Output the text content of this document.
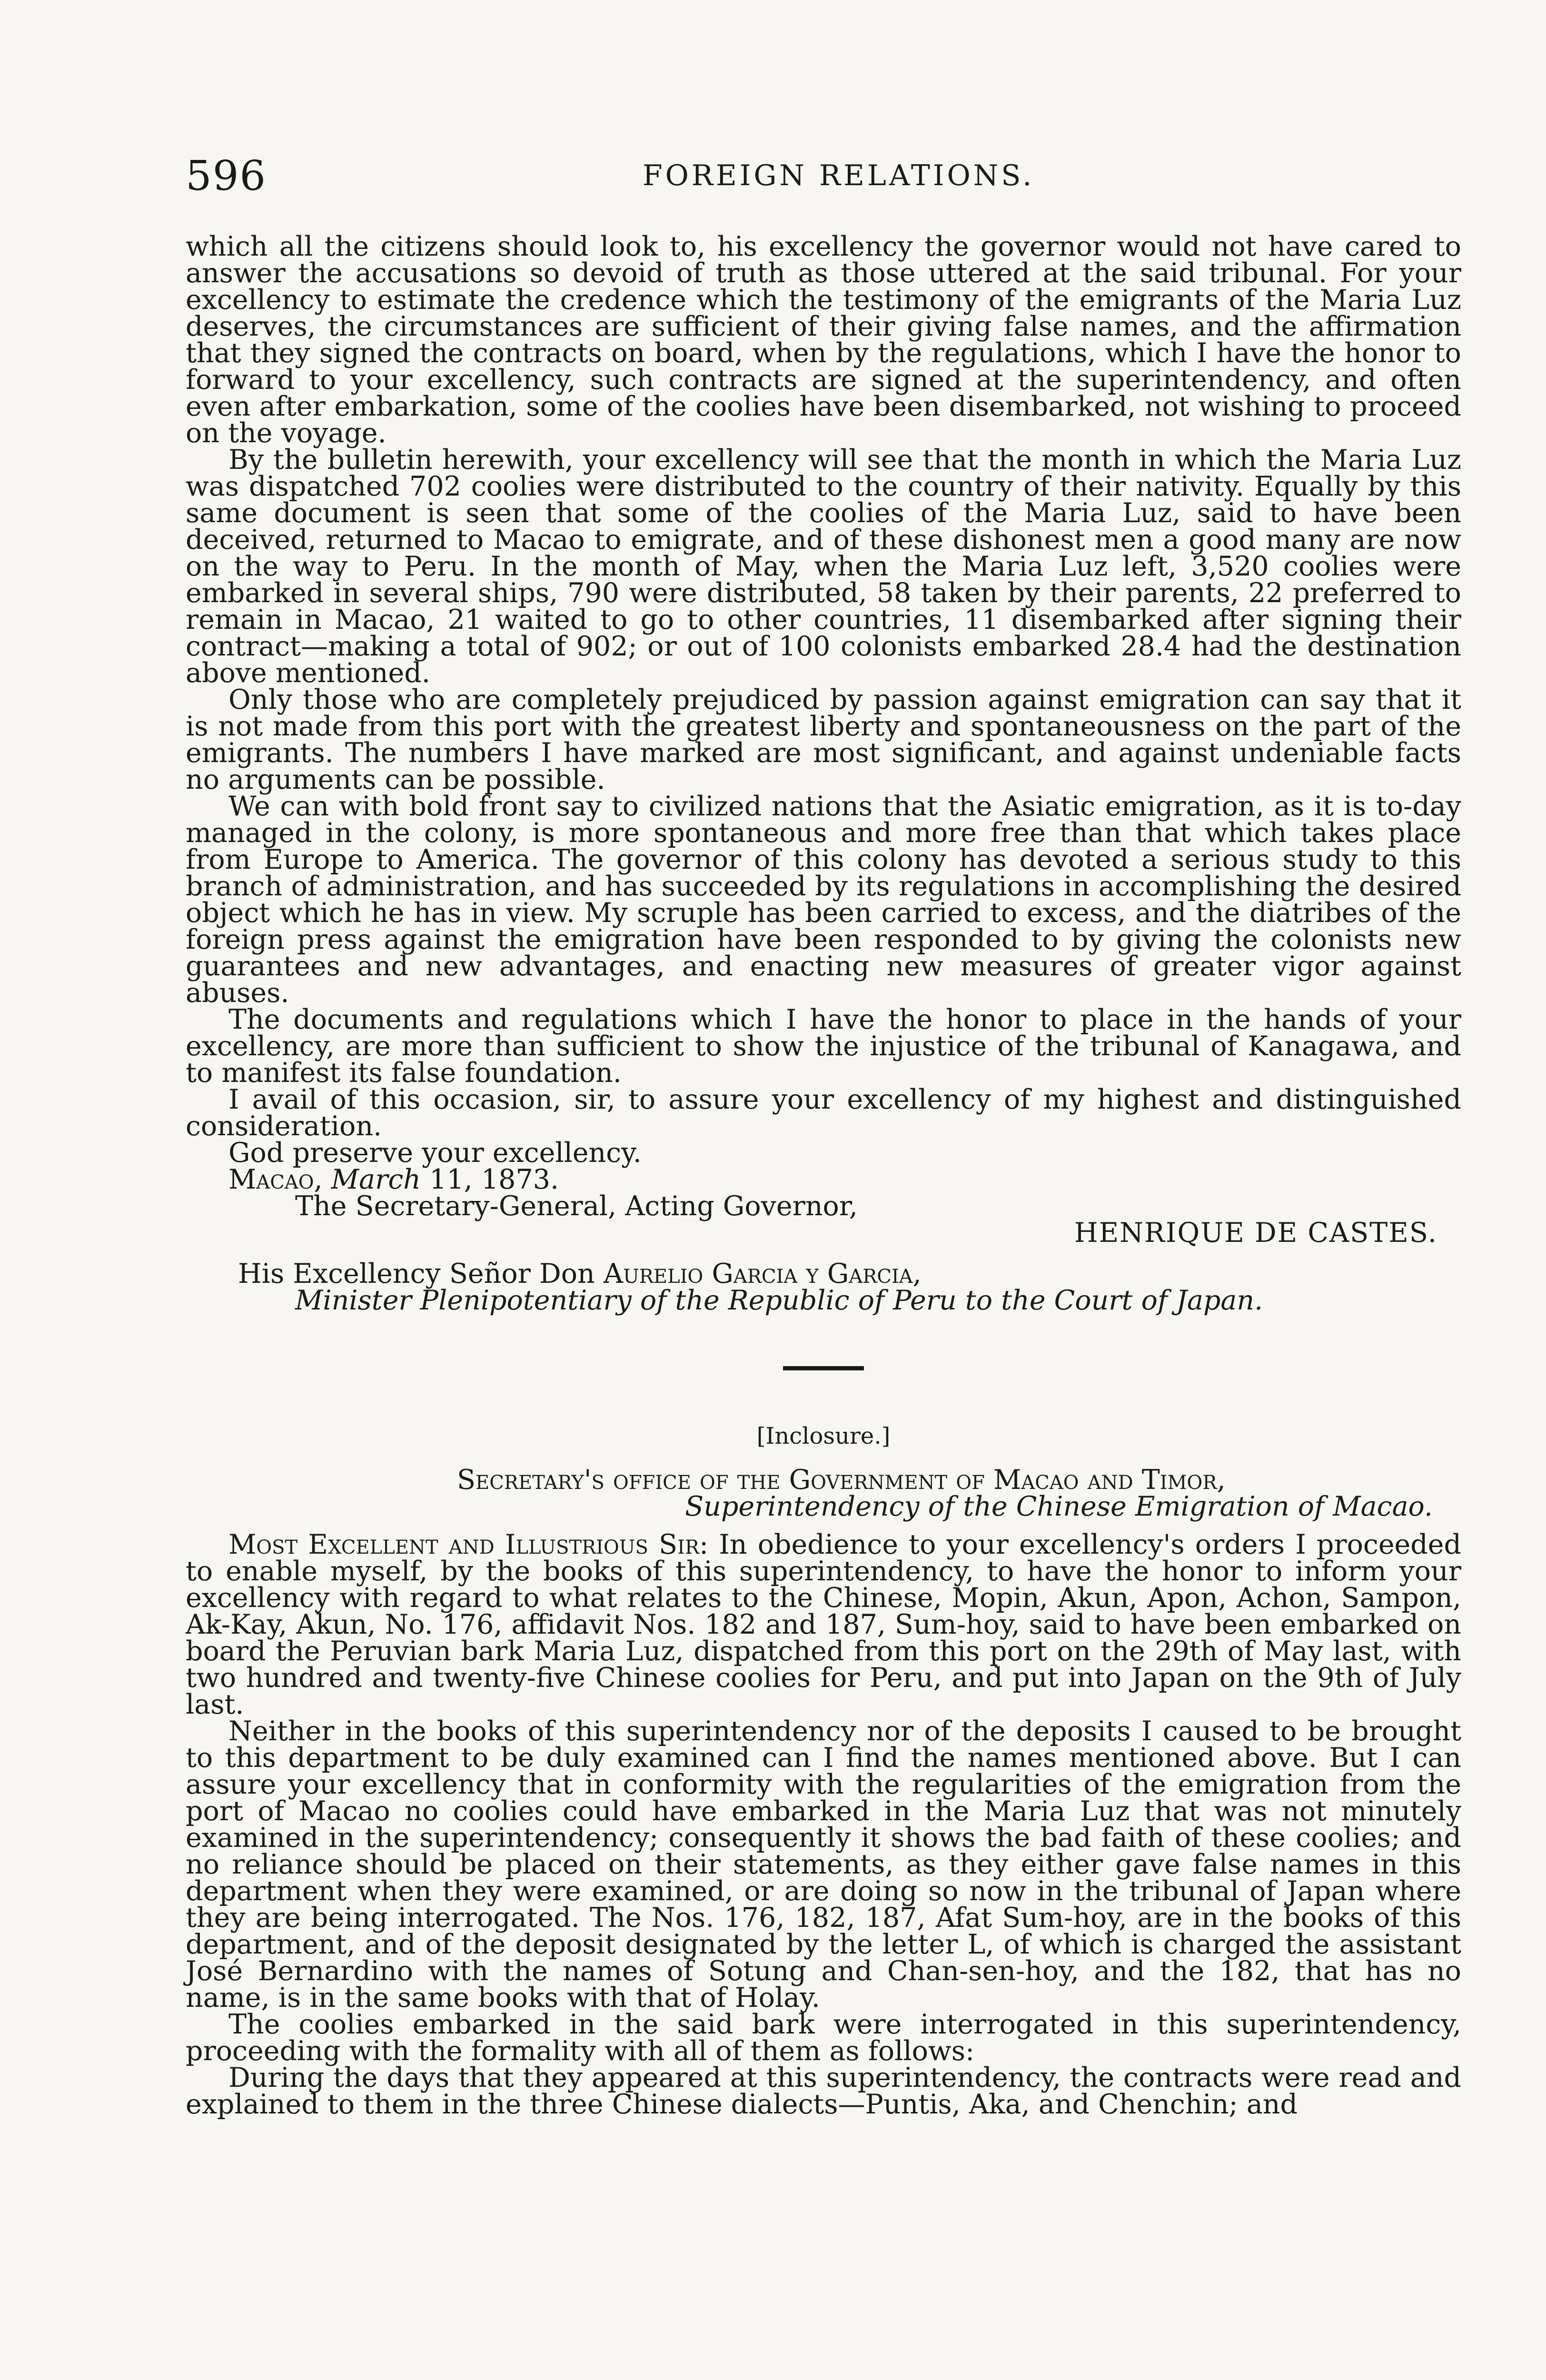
596	FOREIGN RELATIONS.

which all the citizens should look to, his excellency the governor would not have cared to answer the accusations so devoid of truth as those uttered at the said tribunal. For your excellency to estimate the credence which the testimony of the emigrants of the Maria Luz deserves, the circumstances are sufficient of their giving false names, and the affirmation that they signed the contracts on board, when by the regulations, which I have the honor to forward to your excellency, such contracts are signed at the superintendency, and often even after embarkation, some of the coolies have been disembarked, not wishing to proceed on the voyage.

By the bulletin herewith, your excellency will see that the month in which the Maria Luz was dispatched 702 coolies were distributed to the country of their nativity. Equally by this same document is seen that some of the coolies of the Maria Luz, said to have been deceived, returned to Macao to emigrate, and of these dishonest men a good many are now on the way to Peru. In the month of May, when the Maria Luz left, 3,520 coolies were embarked in several ships, 790 were distributed, 58 taken by their parents, 22 preferred to remain in Macao, 21 waited to go to other countries, 11 disembarked after signing their contract—making a total of 902; or out of 100 colonists embarked 28.4 had the destination above mentioned.

Only those who are completely prejudiced by passion against emigration can say that it is not made from this port with the greatest liberty and spontaneousness on the part of the emigrants. The numbers I have marked are most significant, and against undeniable facts no arguments can be possible.

We can with bold front say to civilized nations that the Asiatic emigration, as it is to-day managed in the colony, is more spontaneous and more free than that which takes place from Europe to America. The governor of this colony has devoted a serious study to this branch of administration, and has succeeded by its regulations in accomplishing the desired object which he has in view. My scruple has been carried to excess, and the diatribes of the foreign press against the emigration have been responded to by giving the colonists new guarantees and new advantages, and enacting new measures of greater vigor against abuses.

The documents and regulations which I have the honor to place in the hands of your excellency, are more than sufficient to show the injustice of the tribunal of Kanagawa, and to manifest its false foundation.

I avail of this occasion, sir, to assure your excellency of my highest and distinguished consideration.

God preserve your excellency.

Macao, March 11, 1873.

The Secretary-General, Acting Governor,

HENRIQUE DE CASTES.

His Excellency Señor Don Aurelio Garcia y Garcia,
Minister Plenipotentiary of the Republic of Peru to the Court of Japan.
[Inclosure.]
Secretary's office of the Government of Macao and Timor,
Superintendency of the Chinese Emigration of Macao.

Most Excellent and Illustrious Sir: In obedience to your excellency's orders I proceeded to enable myself, by the books of this superintendency, to have the honor to inform your excellency with regard to what relates to the Chinese, Mopin, Akun, Apon, Achon, Sampon, Ak-Kay, Akun, No. 176, affidavit Nos. 182 and 187, Sum-hoy, said to have been embarked on board the Peruvian bark Maria Luz, dispatched from this port on the 29th of May last, with two hundred and twenty-five Chinese coolies for Peru, and put into Japan on the 9th of July last.

Neither in the books of this superintendency nor of the deposits I caused to be brought to this department to be duly examined can I find the names mentioned above. But I can assure your excellency that in conformity with the regularities of the emigration from the port of Macao no coolies could have embarked in the Maria Luz that was not minutely examined in the superintendency; consequently it shows the bad faith of these coolies; and no reliance should be placed on their statements, as they either gave false names in this department when they were examined, or are doing so now in the tribunal of Japan where they are being interrogated. The Nos. 176, 182, 187, Afat Sum-hoy, are in the books of this department, and of the deposit designated by the letter L, of which is charged the assistant José Bernardino with the names of Sotung and Chan-sen-hoy, and the 182, that has no name, is in the same books with that of Holay.

The coolies embarked in the said bark were interrogated in this superintendency, proceeding with the formality with all of them as follows:

During the days that they appeared at this superintendency, the contracts were read and explained to them in the three Chinese dialects—Puntis, Aka, and Chenchin; and
